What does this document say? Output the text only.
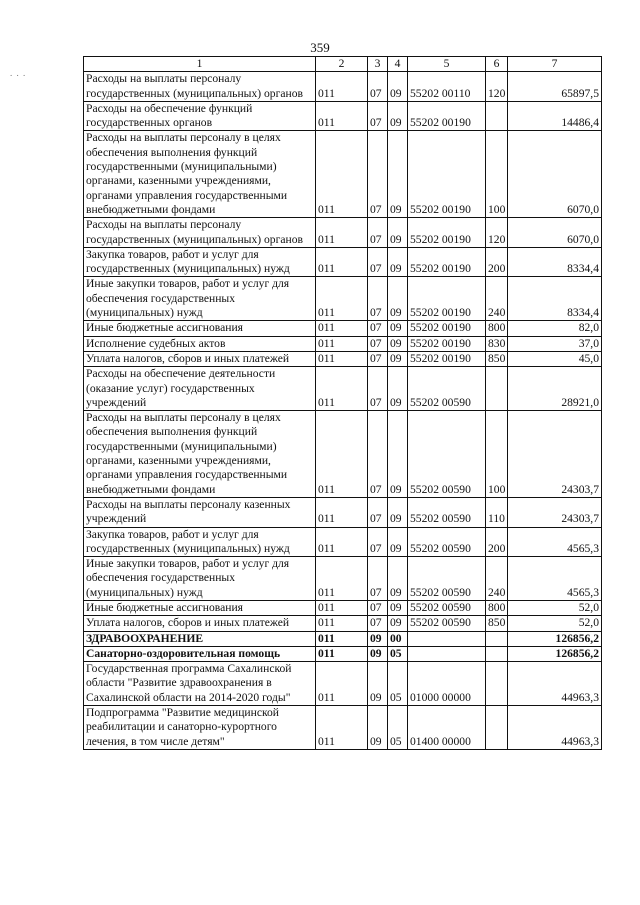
359
. . .
1	2	3	4	5	6	7
Расходы на выплаты персоналу государственных (муниципальных) органов	011	07	09	55202 00110	120	65897,5
Расходы на обеспечение функций государственных органов	011	07	09	55202 00190		14486,4
Расходы на выплаты персоналу в целях обеспечения выполнения функций государственными (муниципальными) органами, казенными учреждениями, органами управления государственными внебюджетными фондами	011	07	09	55202 00190	100	6070,0
Расходы на выплаты персоналу государственных (муниципальных) органов	011	07	09	55202 00190	120	6070,0
Закупка товаров, работ и услуг для государственных (муниципальных) нужд	011	07	09	55202 00190	200	8334,4
Иные закупки товаров, работ и услуг для обеспечения государственных (муниципальных) нужд	011	07	09	55202 00190	240	8334,4
Иные бюджетные ассигнования	011	07	09	55202 00190	800	82,0
Исполнение судебных актов	011	07	09	55202 00190	830	37,0
Уплата налогов, сборов и иных платежей	011	07	09	55202 00190	850	45,0
Расходы на обеспечение деятельности (оказание услуг) государственных учреждений	011	07	09	55202 00590		28921,0
Расходы на выплаты персоналу в целях обеспечения выполнения функций государственными (муниципальными) органами, казенными учреждениями, органами управления государственными внебюджетными фондами	011	07	09	55202 00590	100	24303,7
Расходы на выплаты персоналу казенных учреждений	011	07	09	55202 00590	110	24303,7
Закупка товаров, работ и услуг для государственных (муниципальных) нужд	011	07	09	55202 00590	200	4565,3
Иные закупки товаров, работ и услуг для обеспечения государственных (муниципальных) нужд	011	07	09	55202 00590	240	4565,3
Иные бюджетные ассигнования	011	07	09	55202 00590	800	52,0
Уплата налогов, сборов и иных платежей	011	07	09	55202 00590	850	52,0
ЗДРАВООХРАНЕНИЕ	011	09	00			126856,2
Санаторно-оздоровительная помощь	011	09	05			126856,2
Государственная программа Сахалинской области "Развитие здравоохранения в Сахалинской области на 2014-2020 годы"	011	09	05	01000 00000		44963,3
Подпрограмма "Развитие медицинской реабилитации и санаторно-курортного лечения, в том числе детям"	011	09	05	01400 00000		44963,3
